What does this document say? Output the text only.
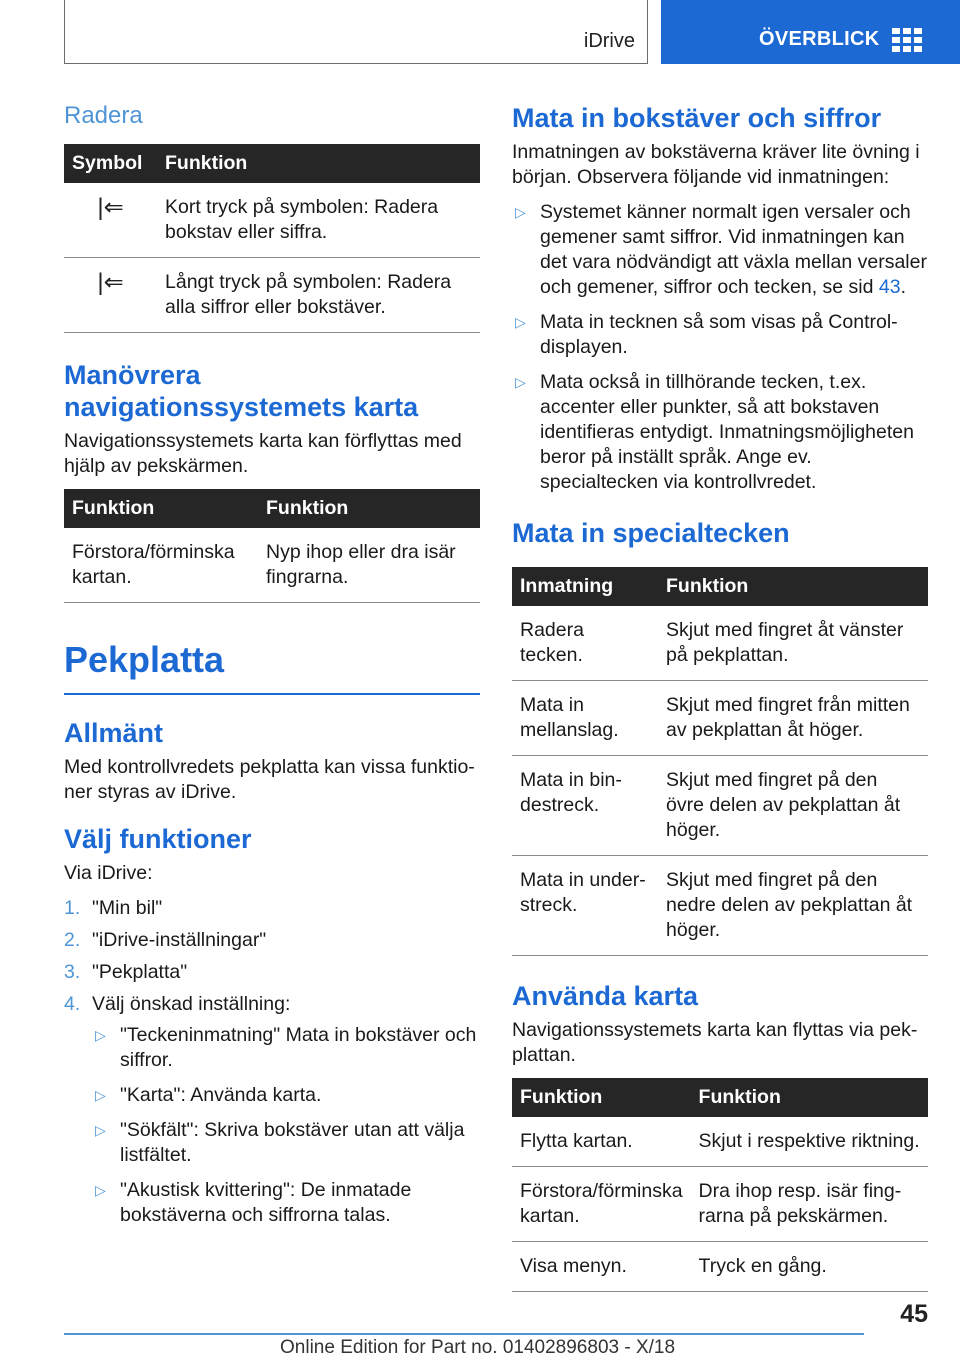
iDrive	ÖVERBLICK
Radera
Symbol	Funktion
|⇐	Kort tryck på symbolen: Radera bokstav eller siffra.
|⇐	Långt tryck på symbolen: Radera alla siffror eller bokstäver.
Manövrera navigationssystemets karta

Navigationssystemets karta kan förflyttas med hjälp av pekskärmen.

Funktion	Funktion
Förstora/förminska kartan.	Nyp ihop eller dra isär fingrarna.
Pekplatta
Allmänt

Med kontrollvredets pekplatta kan vissa funktioner styras av iDrive.

Välj funktioner

Via iDrive:

1. "Min bil"
2. "iDrive-inställningar"
3. "Pekplatta"
4. Välj önskad inställning:
▷ "Teckeninmatning" Mata in bokstäver och siffror.
▷ "Karta": Använda karta.
▷ "Sökfält": Skriva bokstäver utan att välja listfältet.
▷ "Akustisk kvittering": De inmatade bokstäverna och siffrorna talas.
Mata in bokstäver och siffror

Inmatningen av bokstäverna kräver lite övning i början. Observera följande vid inmatningen:

▷ Systemet känner normalt igen versaler och gemener samt siffror. Vid inmatningen kan det vara nödvändigt att växla mellan versaler och gemener, siffror och tecken, se sid 43.
▷ Mata in tecknen så som visas på Control-displayen.
▷ Mata också in tillhörande tecken, t.ex. accenter eller punkter, så att bokstaven identifieras entydigt. Inmatningsmöjligheten beror på inställt språk. Ange ev. specialtecken via kontrollvredet.
Mata in specialtecken
Inmatning	Funktion
Radera tecken.	Skjut med fingret åt vänster på pekplattan.
Mata in mellanslag.	Skjut med fingret från mitten av pekplattan åt höger.
Mata in bindestreck.	Skjut med fingret på den övre delen av pekplattan åt höger.
Mata in understreck.	Skjut med fingret på den nedre delen av pekplattan åt höger.
Använda karta

Navigationssystemets karta kan flyttas via pekplattan.

Funktion	Funktion
Flytta kartan.	Skjut i respektive riktning.
Förstora/förminska kartan.	Dra ihop resp. isär fingrarna på pekskärmen.
Visa menyn.	Tryck en gång.
45
Online Edition for Part no. 01402896803 - X/18
